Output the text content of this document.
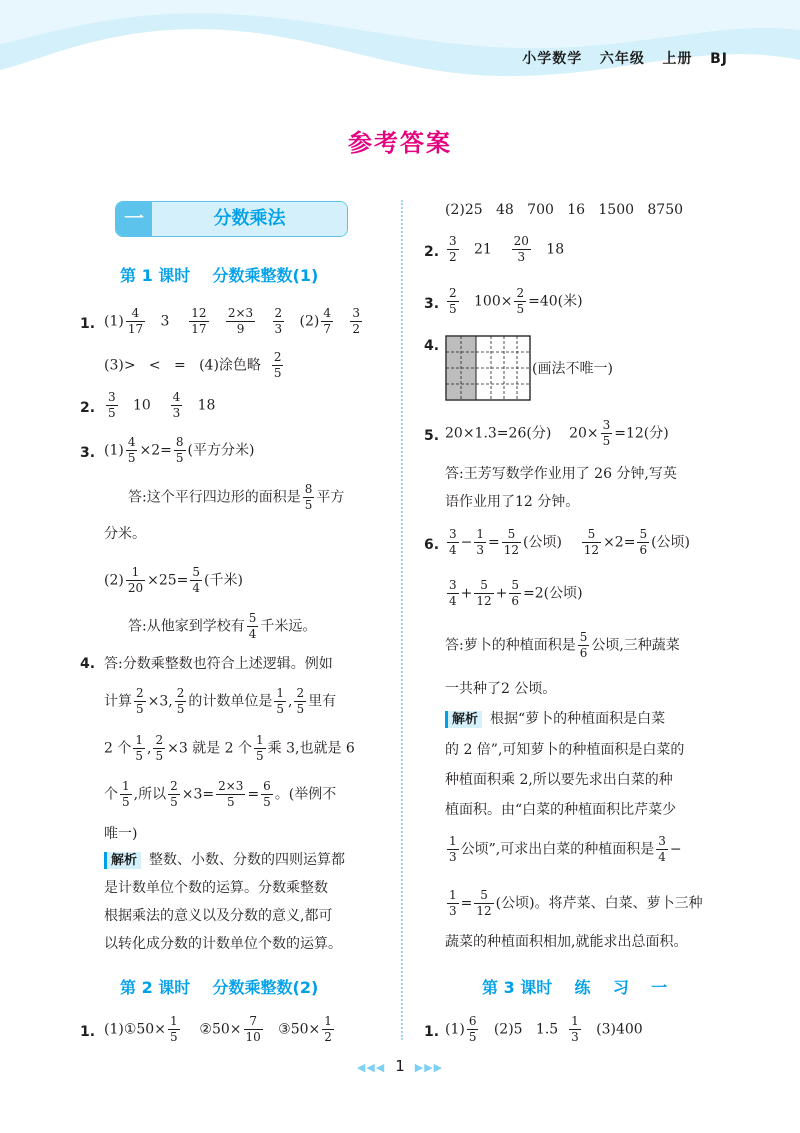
小学数学   六年级   上册   BJ
参考答案
一	分数乘法
第 1 课时    分数乘整数(1)
1. $(1) \frac{4}{17} 3 \frac{12}{17}$
$\frac{2\times 3}{9}$
$\frac{2}{3} (2) \frac{4}{7}$
$\frac{3}{2}$
(3)>   <   =   (4)涂色略 $\frac{2}{5}$
2. $\frac{3}{5} 10 \frac{4}{3} 18$
3. $(1) \frac{4}{5} \times 2= \frac{8}{5}$ (平方分米)
答:这个平行四边形的面积是 $\frac{8}{5}$ 平方
分米。
$(2) \frac{1}{20} \times 25= \frac{5}{4}$ (千米)
答:从他家到学校有 $\frac{5}{4}$ 千米远。
4. 答:分数乘整数也符合上述逻辑。例如
计算 $\frac{2}{5} \times 3$, $\frac{2}{5}$ 的计数单位是 $\frac{1}{5}$ , $\frac{2}{5}$ 里有
2 个 $\frac{1}{5}$ , $\frac{2}{5} \times 3$ 就是 2 个 $\frac{1}{5}$ 乘 3,也就是 6
个 $\frac{1}{5}$ ,所以 $\frac{2}{5} \times 3= \frac{2\times 3}{5} = \frac{6}{5}$ 。(举例不
唯一)
解析 整数、小数、分数的四则运算都
是计数单位个数的运算。分数乘整数
根据乘法的意义以及分数的意义,都可
以转化成分数的计数单位个数的运算。
第 2 课时    分数乘整数(2)
1. (1)①50× $\frac{1}{5}$ ②50× $\frac{7}{10}$ ③50× $\frac{1}{2}$
(2)25   48   700   16   1500   8750
2. $\frac{3}{2} 21 \frac{20}{3} 18$
3. $\frac{2}{5} 100\times \frac{2}{5} =40$(米)
4.
(画法不唯一)
5. 20×1.3=26(分)    $20\times \frac{3}{5} =12$(分)
答:王芳写数学作业用了 26 分钟,写英
语作业用了12 分钟。
6. $\frac{3}{4} - \frac{1}{3} = \frac{5}{12}$ (公顷) $\frac{5}{12} \times 2= \frac{5}{6}$ (公顷)
$\frac{3}{4} + \frac{5}{12} + \frac{5}{6} =2$(公顷)
答:萝卜的种植面积是 $\frac{5}{6}$ 公顷,三种蔬菜
一共种了2 公顷。
解析 根据“萝卜的种植面积是白菜
的 2 倍”,可知萝卜的种植面积是白菜的
种植面积乘 2,所以要先求出白菜的种
植面积。由“白菜的种植面积比芹菜少
$\frac{1}{3}$ 公顷”,可求出白菜的种植面积是 $\frac{3}{4}$ −
$\frac{1}{3} = \frac{5}{12}$ (公顷)。将芹菜、白菜、萝卜三种
蔬菜的种植面积相加,就能求出总面积。
第 3 课时    练    习    一
1. $(1) \frac{6}{5} (2)5$   $1.5 \frac{1}{3} (3)400$
◀◀◀ 1 ▶▶▶
